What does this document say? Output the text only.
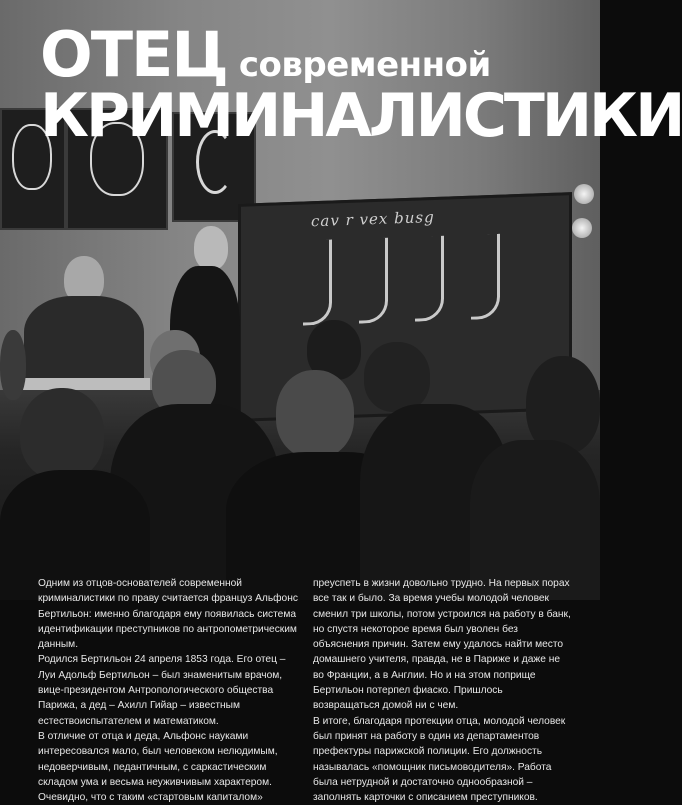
cav r vex busg
ОТЕЦ современной
КРИМИНАЛИСТИКИ

Одним из отцов-основателей современной криминалистики по праву считается француз Альфонс Бертильон: именно благодаря ему появилась система идентификации преступников по антропометрическим данным.

Родился Бертильон 24 апреля 1853 года. Его отец – Луи Адольф Бертильон – был знаменитым врачом, вице-президентом Антропологического общества Парижа, а дед – Ахилл Гийар – известным естествоиспытателем и математиком.

В отличие от отца и деда, Альфонс науками интересовался мало, был человеком нелюдимым, недоверчивым, педантичным, с саркастическим складом ума и весьма неуживчивым характером. Очевидно, что с таким «стартовым капиталом»

преуспеть в жизни довольно трудно. На первых порах все так и было. За время учебы молодой человек сменил три школы, потом устроился на работу в банк, но спустя некоторое время был уволен без объяснения причин. Затем ему удалось найти место домашнего учителя, правда, не в Париже и даже не во Франции, а в Англии. Но и на этом поприще Бертильон потерпел фиаско. Пришлось возвращаться домой ни с чем.

В итоге, благодаря протекции отца, молодой человек был принят на работу в один из департаментов префектуры парижской полиции. Его должность называлась «помощник письмоводителя». Работа была нетрудной и достаточно однообразной – заполнять карточки с описанием преступников.
